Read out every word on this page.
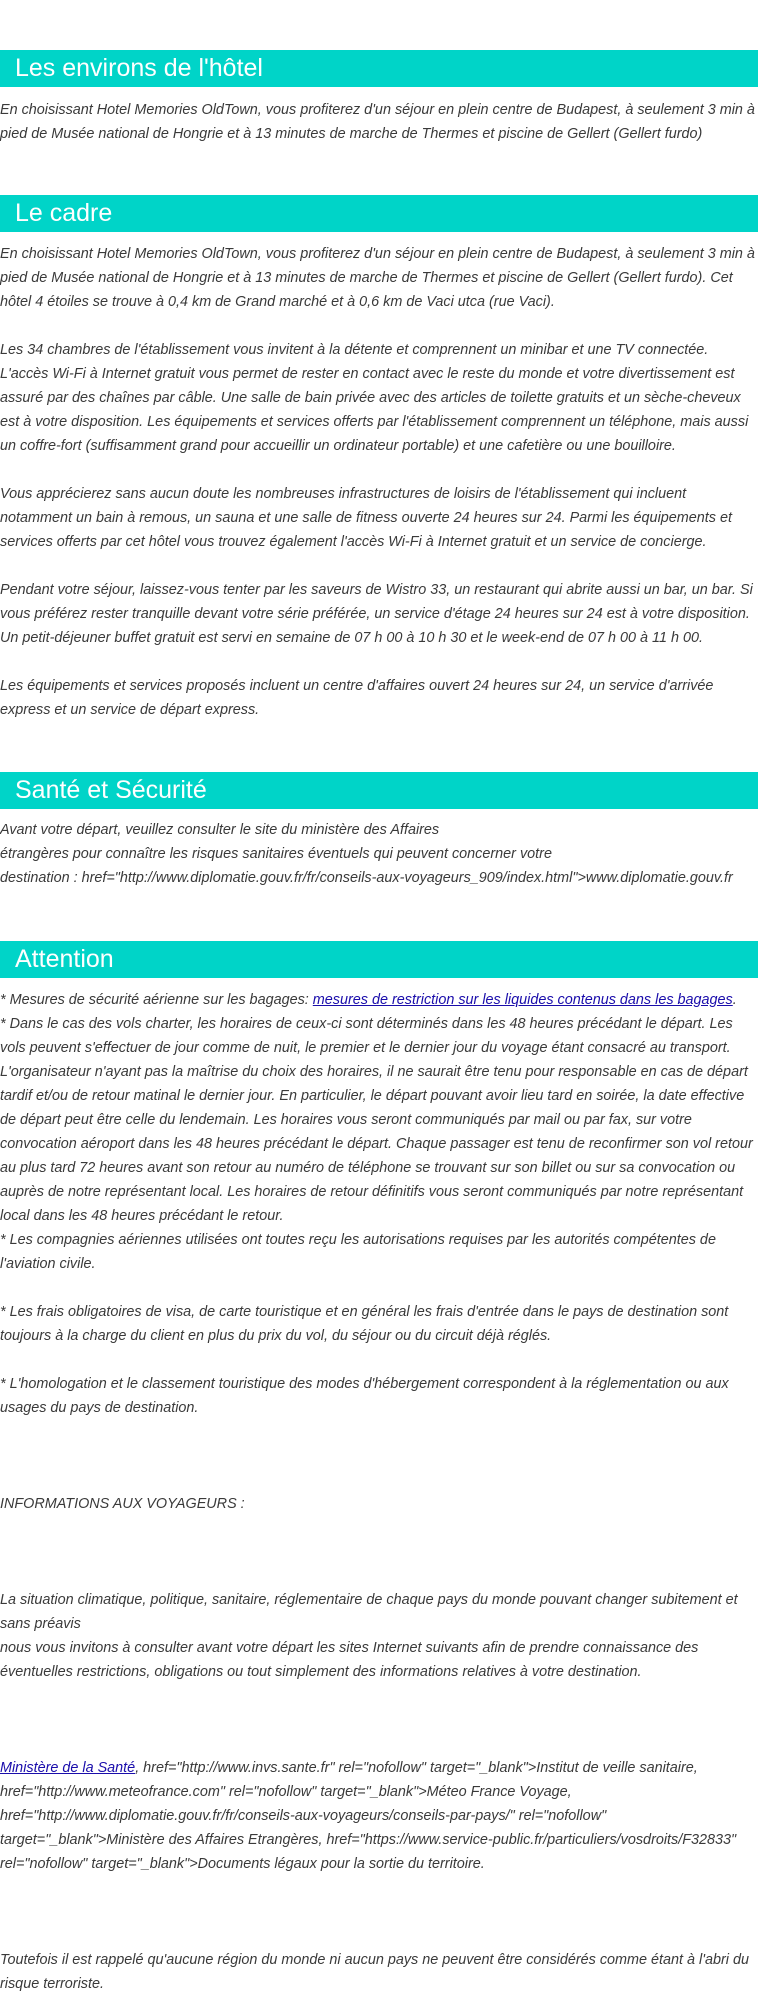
Les environs de l'hôtel

En choisissant Hotel Memories OldTown, vous profiterez d'un séjour en plein centre de Budapest, à seulement 3 min à pied de Musée national de Hongrie et à 13 minutes de marche de Thermes et piscine de Gellert (Gellert furdo)

Le cadre

En choisissant Hotel Memories OldTown, vous profiterez d'un séjour en plein centre de Budapest, à seulement 3 min à pied de Musée national de Hongrie et à 13 minutes de marche de Thermes et piscine de Gellert (Gellert furdo). Cet hôtel 4 étoiles se trouve à 0,4 km de Grand marché et à 0,6 km de Vaci utca (rue Vaci).

Les 34 chambres de l'établissement vous invitent à la détente et comprennent un minibar et une TV connectée. L'accès Wi-Fi à Internet gratuit vous permet de rester en contact avec le reste du monde et votre divertissement est assuré par des chaînes par câble. Une salle de bain privée avec des articles de toilette gratuits et un sèche-cheveux est à votre disposition. Les équipements et services offerts par l'établissement comprennent un téléphone, mais aussi un coffre-fort (suffisamment grand pour accueillir un ordinateur portable) et une cafetière ou une bouilloire.

Vous apprécierez sans aucun doute les nombreuses infrastructures de loisirs de l'établissement qui incluent notamment un bain à remous, un sauna et une salle de fitness ouverte 24 heures sur 24. Parmi les équipements et services offerts par cet hôtel vous trouvez également l'accès Wi-Fi à Internet gratuit et un service de concierge.

Pendant votre séjour, laissez-vous tenter par les saveurs de Wistro 33, un restaurant qui abrite aussi un bar, un bar. Si vous préférez rester tranquille devant votre série préférée, un service d'étage 24 heures sur 24 est à votre disposition. Un petit-déjeuner buffet gratuit est servi en semaine de 07 h 00 à 10 h 30 et le week-end de 07 h 00 à 11 h 00.

Les équipements et services proposés incluent un centre d'affaires ouvert 24 heures sur 24, un service d'arrivée express et un service de départ express.

Santé et Sécurité

Avant votre départ, veuillez consulter le site du ministère des Affaires

étrangères pour connaître les risques sanitaires éventuels qui peuvent concerner votre

destination : href="http://www.diplomatie.gouv.fr/fr/conseils-aux-voyageurs_909/index.html">www.diplomatie.gouv.fr

Attention

* Mesures de sécurité aérienne sur les bagages: mesures de restriction sur les liquides contenus dans les bagages.

* Dans le cas des vols charter, les horaires de ceux-ci sont déterminés dans les 48 heures précédant le départ. Les vols peuvent s'effectuer de jour comme de nuit, le premier et le dernier jour du voyage étant consacré au transport. L'organisateur n'ayant pas la maîtrise du choix des horaires, il ne saurait être tenu pour responsable en cas de départ tardif et/ou de retour matinal le dernier jour. En particulier, le départ pouvant avoir lieu tard en soirée, la date effective de départ peut être celle du lendemain. Les horaires vous seront communiqués par mail ou par fax, sur votre convocation aéroport dans les 48 heures précédant le départ. Chaque passager est tenu de reconfirmer son vol retour au plus tard 72 heures avant son retour au numéro de téléphone se trouvant sur son billet ou sur sa convocation ou auprès de notre représentant local. Les horaires de retour définitifs vous seront communiqués par notre représentant local dans les 48 heures précédant le retour.

* Les compagnies aériennes utilisées ont toutes reçu les autorisations requises par les autorités compétentes de l'aviation civile.

* Les frais obligatoires de visa, de carte touristique et en général les frais d'entrée dans le pays de destination sont toujours à la charge du client en plus du prix du vol, du séjour ou du circuit déjà réglés.

* L'homologation et le classement touristique des modes d'hébergement correspondent à la réglementation ou aux usages du pays de destination.

INFORMATIONS AUX VOYAGEURS :

La situation climatique, politique, sanitaire, réglementaire de chaque pays du monde pouvant changer subitement et sans préavis
nous vous invitons à consulter avant votre départ les sites Internet suivants afin de prendre connaissance des éventuelles restrictions, obligations ou tout simplement des informations relatives à votre destination.

Ministère de la Santé, href="http://www.invs.sante.fr" rel="nofollow" target="_blank">Institut de veille sanitaire, href="http://www.meteofrance.com" rel="nofollow" target="_blank">Méteo France Voyage, href="http://www.diplomatie.gouv.fr/fr/conseils-aux-voyageurs/conseils-par-pays/" rel="nofollow" target="_blank">Ministère des Affaires Etrangères, href="https://www.service-public.fr/particuliers/vosdroits/F32833" rel="nofollow" target="_blank">Documents légaux pour la sortie du territoire.

Toutefois il est rappelé qu'aucune région du monde ni aucun pays ne peuvent être considérés comme étant à l'abri du risque terroriste.
